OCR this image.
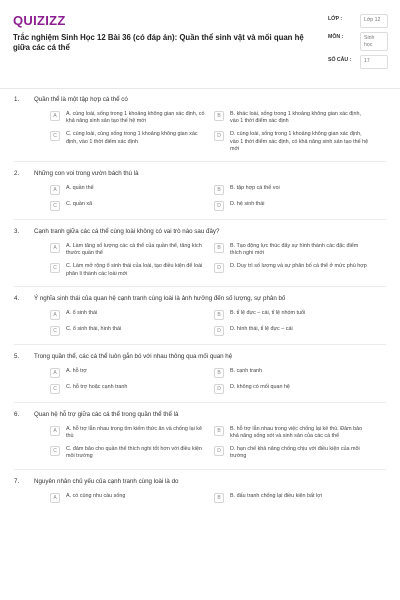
QUIZIZZ
Trắc nghiệm Sinh Học 12 Bài 36 (có đáp án): Quần thể sinh vật và mối quan hệ giữa các cá thể
LỚP :	Lớp 12
MÔN :	Sinh học
SỐ CÂU :	17
1.	Quần thể là một tập hợp cá thể có
A	A. cùng loài, sống trong 1 khoảng không gian xác định, có khả năng sinh sản tạo thế hệ mới
B	B. khác loài, sống trong 1 khoảng không gian xác định, vào 1 thời điểm xác định
C	C. cùng loài, cùng sống trong 1 khoảng không gian xác định, vào 1 thời điểm xác định
D	D. cùng loài, sống trong 1 khoảng không gian xác định, vào 1 thời điểm xác định, có khả năng sinh sản tạo thế hệ mới
2.	Những con voi trong vườn bách thú là
A	A. quần thể	B	B. tập hợp cá thể voi
C	C. quần xã	D	D. hệ sinh thái
3.	Cạnh tranh giữa các cá thể cùng loài không có vai trò nào sau đây?
A	A. Làm tăng số lượng các cá thể của quần thể, tăng kích thước quần thể
B	B. Tạo động lực thúc đẩy sự hình thành các đặc điểm thích nghi mới
C	C. Làm mở rộng ổ sinh thái của loài, tạo điều kiện để loài phân li thành các loài mới
D	D. Duy trì số lượng và sự phân bố cá thể ở mức phù hợp
4.	Ý nghĩa sinh thái của quan hệ cạnh tranh cùng loài là ảnh hưởng đến số lượng, sự phân bố
A	A. ổ sinh thái	B	B. tỉ lệ đực – cái, tỉ lệ nhóm tuổi
C	C. ổ sinh thái, hình thái	D	D. hình thái, tỉ lệ đực – cái
5.	Trong quần thể, các cá thể luôn gắn bó với nhau thông qua mối quan hệ
A	A. hỗ trợ	B	B. cạnh tranh
C	C. hỗ trợ hoặc cạnh tranh	D	D. không có mối quan hệ
6.	Quan hệ hỗ trợ giữa các cá thể trong quần thể thể là
A	A. hỗ trợ lẫn nhau trong tìm kiếm thức ăn và chống lại kẻ thù
B	B. hỗ trợ lẫn nhau trong việc chống lại kẻ thù. Đảm bảo khả năng sống sót và sinh sản của các cá thể
C	C. đảm bảo cho quần thể thích nghi tốt hơn với điều kiện môi trường
D	D. hạn chế khả năng chống chịu với điều kiện của môi trường
7.	Nguyên nhân chủ yếu của cạnh tranh cùng loài là do
A	A. có cùng nhu cầu sống	B	B. đấu tranh chống lại điều kiện bất lợi
